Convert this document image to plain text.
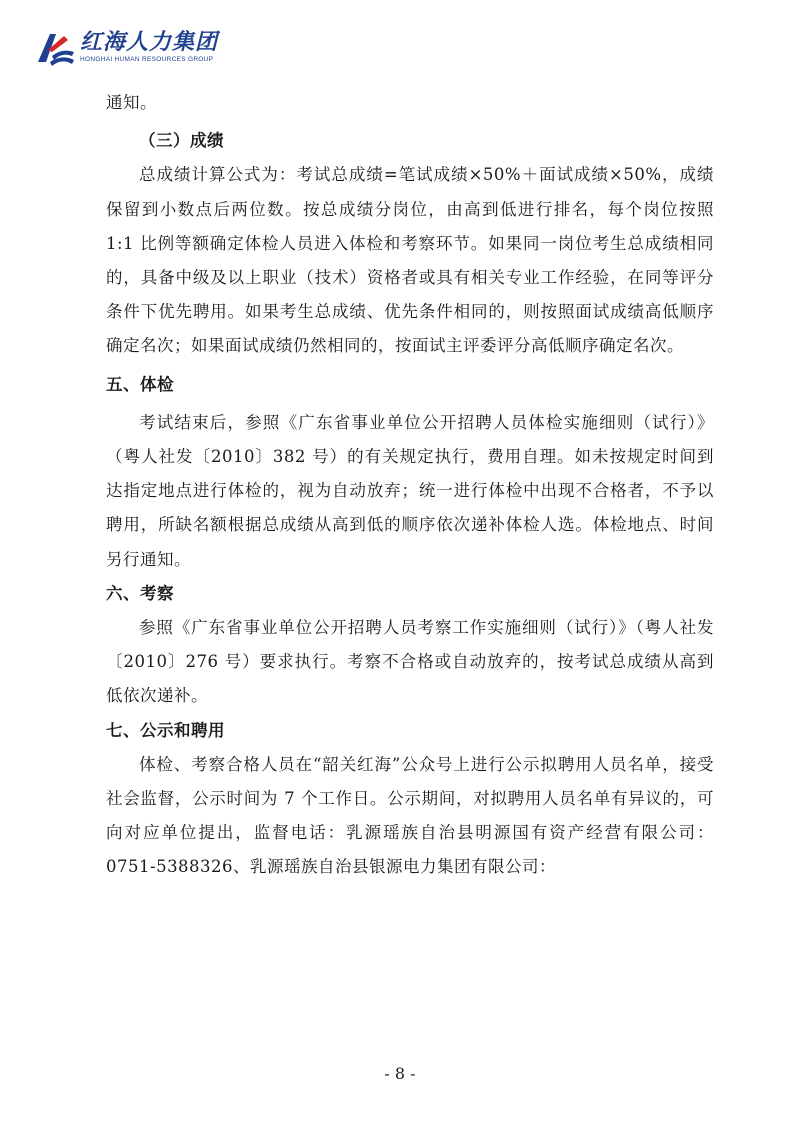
红海人力集团
HONGHAI HUMAN RESOURCES GROUP

通知。

（三）成绩

总成绩计算公式为：考试总成绩=笔试成绩×50%＋面试成绩×50%，成绩保留到小数点后两位数。按总成绩分岗位，由高到低进行排名，每个岗位按照 1:1 比例等额确定体检人员进入体检和考察环节。如果同一岗位考生总成绩相同的，具备中级及以上职业（技术）资格者或具有相关专业工作经验，在同等评分条件下优先聘用。如果考生总成绩、优先条件相同的，则按照面试成绩高低顺序确定名次；如果面试成绩仍然相同的，按面试主评委评分高低顺序确定名次。

五、体检

考试结束后，参照《广东省事业单位公开招聘人员体检实施细则（试行）》（粤人社发〔2010〕382 号）的有关规定执行，费用自理。如未按规定时间到达指定地点进行体检的，视为自动放弃；统一进行体检中出现不合格者，不予以聘用，所缺名额根据总成绩从高到低的顺序依次递补体检人选。体检地点、时间另行通知。

六、考察

参照《广东省事业单位公开招聘人员考察工作实施细则（试行）》（粤人社发〔2010〕276 号）要求执行。考察不合格或自动放弃的，按考试总成绩从高到低依次递补。

七、公示和聘用

体检、考察合格人员在“韶关红海”公众号上进行公示拟聘用人员名单，接受社会监督，公示时间为 7 个工作日。公示期间，对拟聘用人员名单有异议的，可向对应单位提出，监督电话：乳源瑶族自治县明源国有资产经营有限公司：0751-5388326、乳源瑶族自治县银源电力集团有限公司：

- 8 -
